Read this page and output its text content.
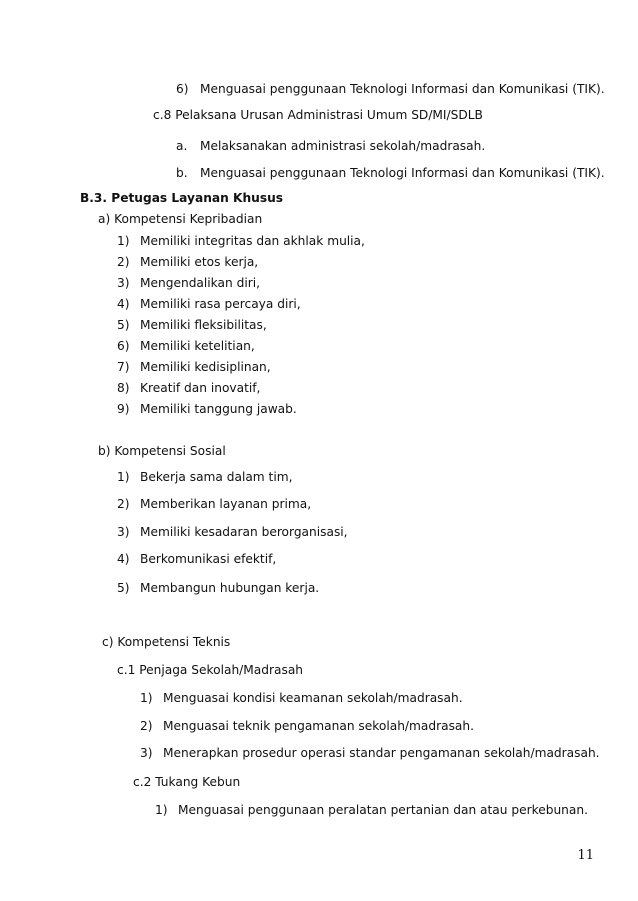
6) Menguasai penggunaan Teknologi Informasi dan Komunikasi (TIK).
c.8 Pelaksana Urusan Administrasi Umum SD/MI/SDLB
a. Melaksanakan administrasi sekolah/madrasah.
b. Menguasai penggunaan Teknologi Informasi dan Komunikasi (TIK).
B.3. Petugas Layanan Khusus
a) Kompetensi Kepribadian
1) Memiliki integritas dan akhlak mulia,
2) Memiliki etos kerja,
3) Mengendalikan diri,
4) Memiliki rasa percaya diri,
5) Memiliki fleksibilitas,
6) Memiliki ketelitian,
7) Memiliki kedisiplinan,
8) Kreatif dan inovatif,
9) Memiliki tanggung jawab.
b) Kompetensi Sosial
1) Bekerja sama dalam tim,
2) Memberikan layanan prima,
3) Memiliki kesadaran berorganisasi,
4) Berkomunikasi efektif,
5) Membangun hubungan kerja.
c) Kompetensi Teknis
c.1 Penjaga Sekolah/Madrasah
1) Menguasai kondisi keamanan sekolah/madrasah.
2) Menguasai teknik pengamanan sekolah/madrasah.
3) Menerapkan prosedur operasi standar pengamanan sekolah/madrasah.
c.2 Tukang Kebun
1) Menguasai penggunaan peralatan pertanian dan atau perkebunan.
11
